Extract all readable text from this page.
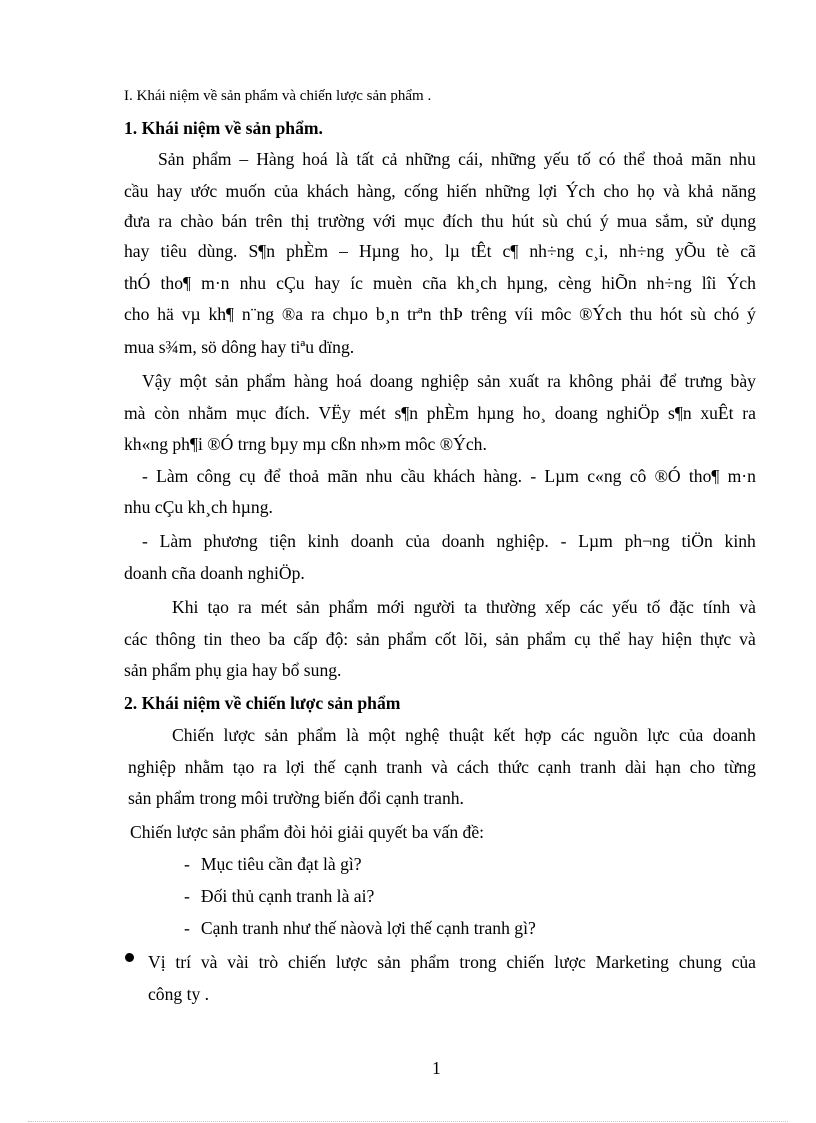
I. Khái niệm về sản phẩm và chiến lược sản phẩm .
1. Khái niệm về sản phẩm.
Sản phẩm – Hàng hoá là tất cả những cái, những yếu tố có thể thoả mãn nhu
cầu hay ước muốn của khách hàng, cống hiến những lợi Ých cho họ và khả năng
đưa ra chào bán trên thị trường với mục đích thu hút sù chú ý mua sắm, sử dụng
hay tiêu dùng. S¶n phÈm – Hµng ho¸ lµ tÊt c¶ nh÷ng c¸i, nh÷ng yÕu tè cã
thÓ tho¶ m·n nhu cÇu hay íc muèn cña kh¸ch hµng, cèng hiÕn nh÷ng lîi Ých
cho hä vµ kh¶ n¨ng ®a ra chµo b¸n trªn thÞ trêng víi môc ®Ých thu hót sù chó ý
mua s¾m, sö dông hay tiªu dïng.
Vậy một sản phẩm hàng hoá doang nghiệp sản xuất ra không phải để trưng bày
mà còn nhằm mục đích. VËy mét s¶n phÈm hµng ho¸ doang nghiÖp s¶n xuÊt ra
kh«ng ph¶i ®Ó trng bµy mµ cßn nh»m môc ®Ých.
- Làm công cụ để thoả mãn nhu cầu khách hàng. - Lµm c«ng cô ®Ó tho¶ m·n
nhu cÇu kh¸ch hµng.
- Làm phương tiện kinh doanh của doanh nghiệp. - Lµm ph¬ng tiÖn kinh
doanh cña doanh nghiÖp.
Khi tạo ra mét sản phẩm mới người ta thường xếp các yếu tố đặc tính và
các thông tin theo ba cấp độ: sản phẩm cốt lõi, sản phẩm cụ thể hay hiện thực và
sản phẩm phụ gia hay bổ sung.
2. Khái niệm về chiến lược sản phẩm
Chiến lược sản phẩm là một nghệ thuật kết hợp các nguồn lực của doanh
nghiệp nhằm tạo ra lợi thế cạnh tranh và cách thức cạnh tranh dài hạn cho từng
sản phẩm trong môi trường biến đổi cạnh tranh.
Chiến lược sản phẩm đòi hỏi giải quyết ba vấn đề:
- Mục tiêu cần đạt là gì?
- Đối thủ cạnh tranh là ai?
- Cạnh tranh như thế nàovà lợi thế cạnh tranh gì?
Vị trí và vài trò chiến lược sản phẩm trong chiến lược Marketing chung của
công ty .
1
